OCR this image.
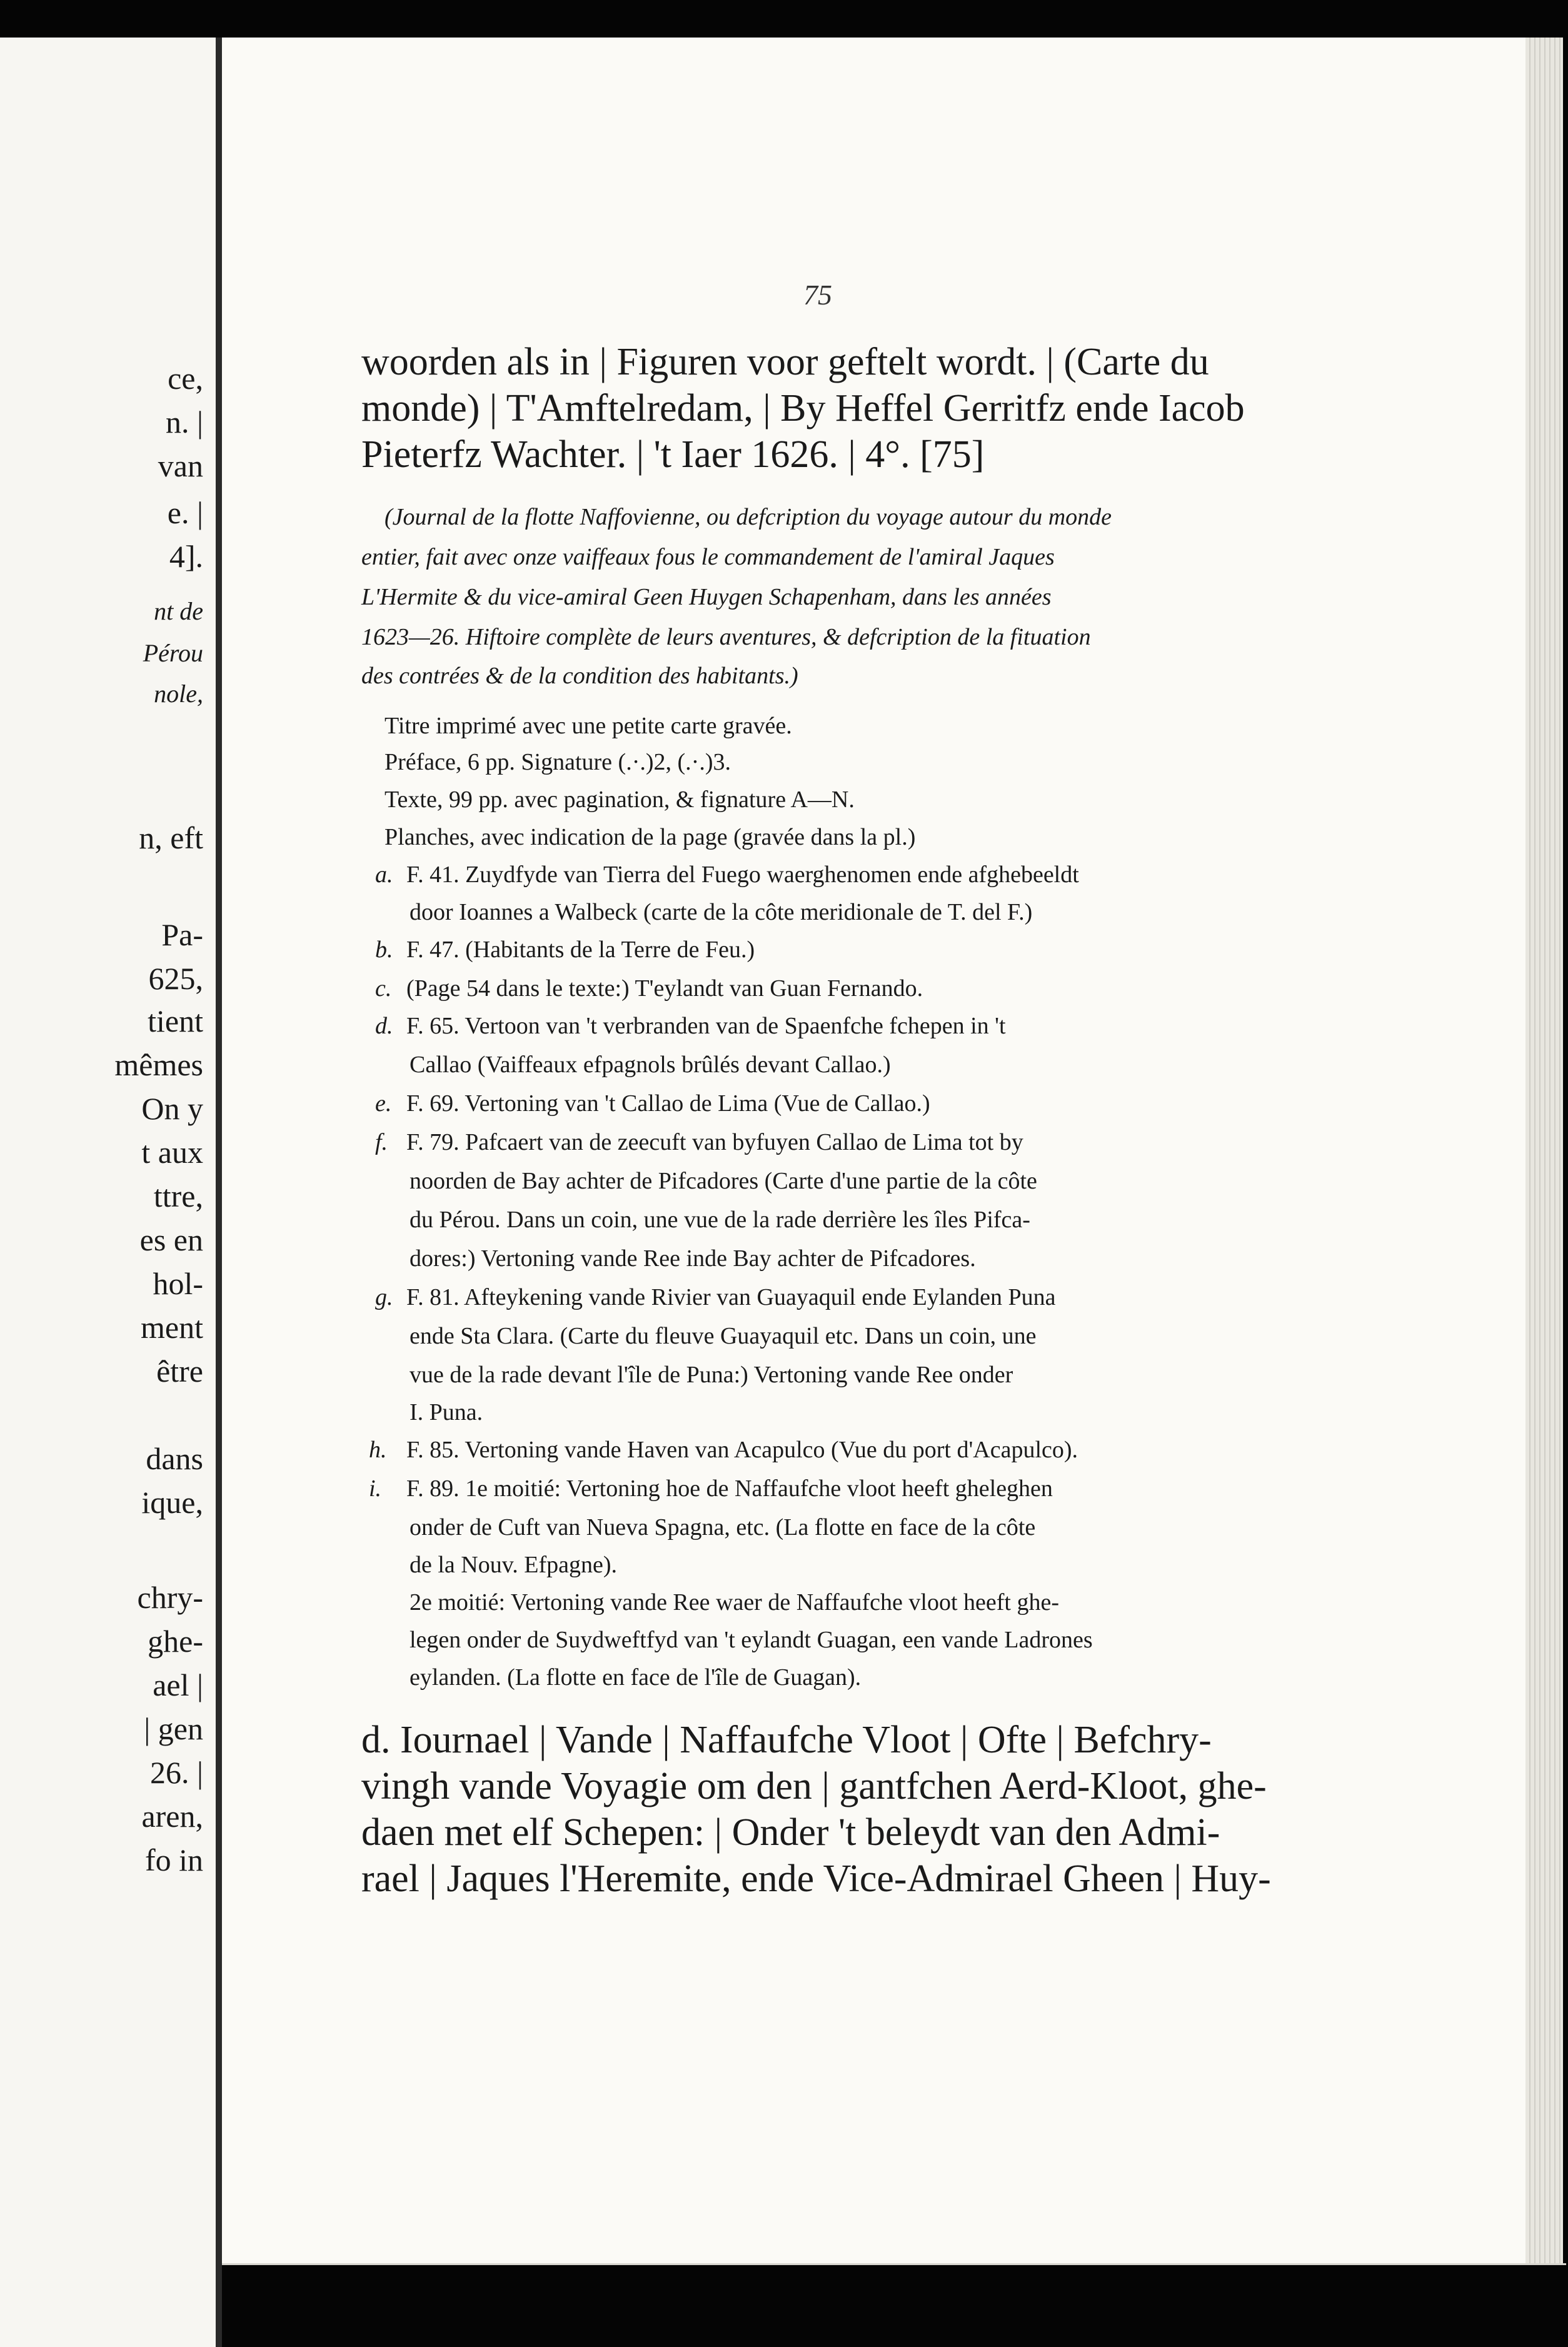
ce,

n. |

van

e. |

4].

nt de

Pérou

nole,

n, eft

Pa-

625,

tient

mêmes

On y

t aux

ttre,

es en

hol-

ment

être

dans

ique,

chry-

ghe-

ael |

| gen

26. |

aren,

fo in

75

woorden als in | Figuren voor geftelt wordt. | (Carte du

monde) | T'Amftelredam, | By Heffel Gerritfz ende Iacob

Pieterfz Wachter. | 't Iaer 1626. | 4°. [75]

(Journal de la flotte Naffovienne, ou defcription du voyage autour du monde

entier, fait avec onze vaiffeaux fous le commandement de l'amiral Jaques

L'Hermite & du vice-amiral Geen Huygen Schapenham, dans les années

1623—26. Hiftoire complète de leurs aventures, & defcription de la fituation

des contrées & de la condition des habitants.)

Titre imprimé avec une petite carte gravée.

Préface, 6 pp. Signature (.·.)2, (.·.)3.

Texte, 99 pp. avec pagination, & fignature A—N.

Planches, avec indication de la page (gravée dans la pl.)

a. F. 41. Zuydfyde van Tierra del Fuego waerghenomen ende afghebeeldt

door Ioannes a Walbeck (carte de la côte meridionale de T. del F.)

b. F. 47. (Habitants de la Terre de Feu.)

c. (Page 54 dans le texte:) T'eylandt van Guan Fernando.

d. F. 65. Vertoon van 't verbranden van de Spaenfche fchepen in 't

Callao (Vaiffeaux efpagnols brûlés devant Callao.)

e. F. 69. Vertoning van 't Callao de Lima (Vue de Callao.)

f. F. 79. Pafcaert van de zeecuft van byfuyen Callao de Lima tot by

noorden de Bay achter de Pifcadores (Carte d'une partie de la côte

du Pérou. Dans un coin, une vue de la rade derrière les îles Pifca-

dores:) Vertoning vande Ree inde Bay achter de Pifcadores.

g. F. 81. Afteykening vande Rivier van Guayaquil ende Eylanden Puna

ende Sta Clara. (Carte du fleuve Guayaquil etc. Dans un coin, une

vue de la rade devant l'île de Puna:) Vertoning vande Ree onder

I. Puna.

h. F. 85. Vertoning vande Haven van Acapulco (Vue du port d'Acapulco).

i. F. 89. 1e moitié: Vertoning hoe de Naffaufche vloot heeft gheleghen

onder de Cuft van Nueva Spagna, etc. (La flotte en face de la côte

de la Nouv. Efpagne).

2e moitié: Vertoning vande Ree waer de Naffaufche vloot heeft ghe-

legen onder de Suydweftfyd van 't eylandt Guagan, een vande Ladrones

eylanden. (La flotte en face de l'île de Guagan).

d. Iournael | Vande | Naffaufche Vloot | Ofte | Befchry-

vingh vande Voyagie om den | gantfchen Aerd-Kloot, ghe-

daen met elf Schepen: | Onder 't beleydt van den Admi-

rael | Jaques l'Heremite, ende Vice-Admirael Gheen | Huy-
